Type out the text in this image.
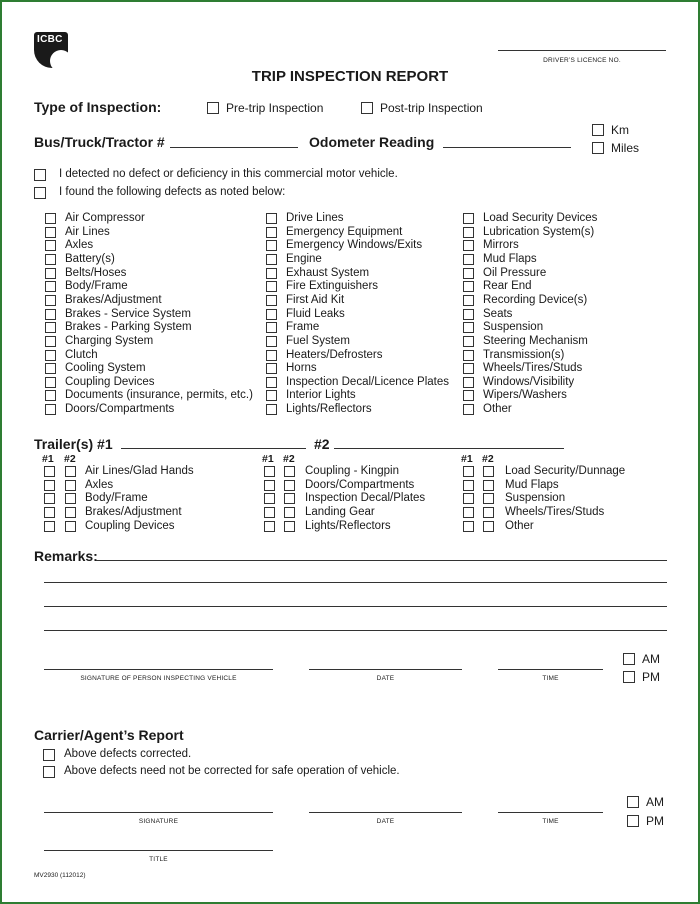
ICBC
DRIVER’S LICENCE NO.
TRIP INSPECTION REPORT
Type of Inspection:	Pre-trip Inspection	Post-trip Inspection
Bus/Truck/Tractor #	Odometer Reading
Km
Miles
I detected no defect or deficiency in this commercial motor vehicle.
I found the following defects as noted below:
Air Compressor
Air Lines
Axles
Battery(s)
Belts/Hoses
Body/Frame
Brakes/Adjustment
Brakes - Service System
Brakes - Parking System
Charging System
Clutch
Cooling System
Coupling Devices
Documents (insurance, permits, etc.)
Doors/Compartments
Drive Lines
Emergency Equipment
Emergency Windows/Exits
Engine
Exhaust System
Fire Extinguishers
First Aid Kit
Fluid Leaks
Frame
Fuel System
Heaters/Defrosters
Horns
Inspection Decal/Licence Plates
Interior Lights
Lights/Reflectors
Load Security Devices
Lubrication System(s)
Mirrors
Mud Flaps
Oil Pressure
Rear End
Recording Device(s)
Seats
Suspension
Steering Mechanism
Transmission(s)
Wheels/Tires/Studs
Windows/Visibility
Wipers/Washers
Other
Trailer(s) #1	#2
#1 #2
Air Lines/Glad Hands
Axles
Body/Frame
Brakes/Adjustment
Coupling Devices
#1 #2
Coupling - Kingpin
Doors/Compartments
Inspection Decal/Plates
Landing Gear
Lights/Reflectors
#1 #2
Load Security/Dunnage
Mud Flaps
Suspension
Wheels/Tires/Studs
Other
Remarks:
SIGNATURE OF PERSON INSPECTING VEHICLE	DATE	TIME
AM
PM
Carrier/Agent’s Report
Above defects corrected.
Above defects need not be corrected for safe operation of vehicle.
SIGNATURE	DATE	TIME
AM
PM
TITLE
MV2930 (112012)
